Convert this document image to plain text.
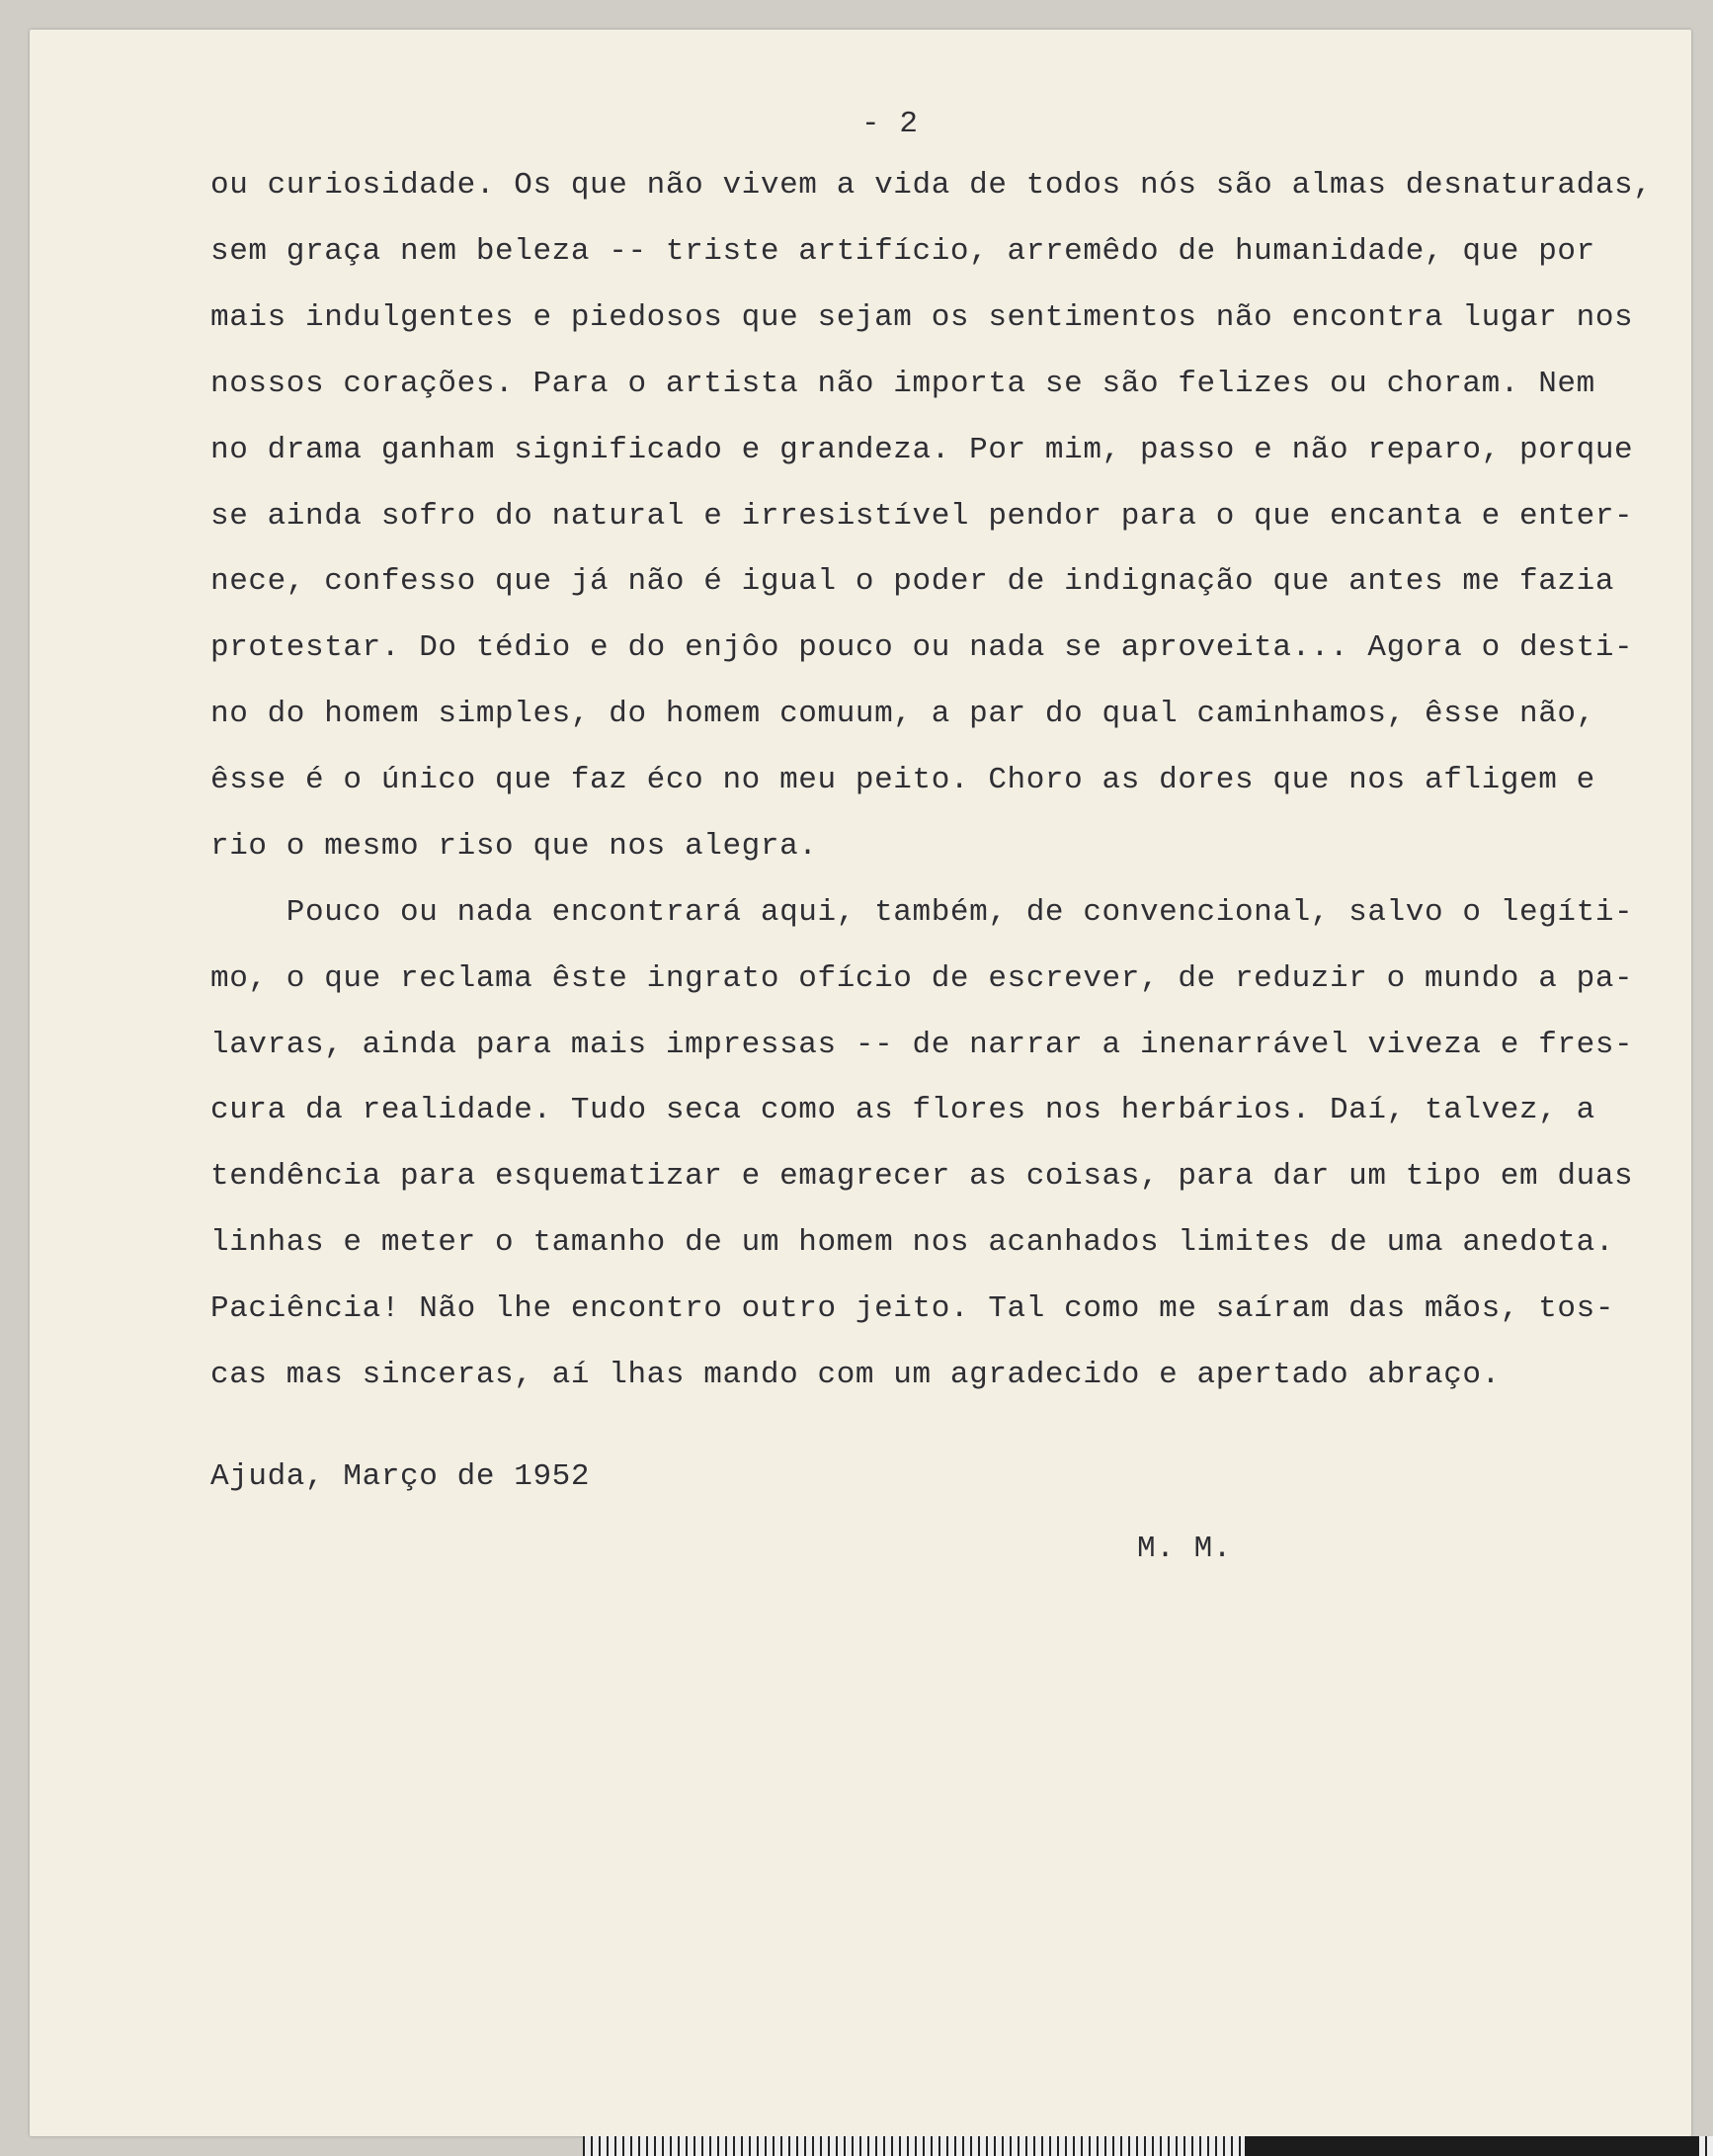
- 2

ou curiosidade. Os que não vivem a vida de todos nós são almas desnaturadas,

sem graça nem beleza -- triste artifício, arremêdo de humanidade, que por

mais indulgentes e piedosos que sejam os sentimentos não encontra lugar nos

nossos corações. Para o artista não importa se são felizes ou choram. Nem

no drama ganham significado e grandeza. Por mim, passo e não reparo, porque

se ainda sofro do natural e irresistível pendor para o que encanta e enter-

nece, confesso que já não é igual o poder de indignação que antes me fazia

protestar. Do tédio e do enjôo pouco ou nada se aproveita... Agora o desti-

no do homem simples, do homem comuum, a par do qual caminhamos, êsse não,

êsse é o único que faz éco no meu peito. Choro as dores que nos afligem e

rio o mesmo riso que nos alegra.

Pouco ou nada encontrará aqui, também, de convencional, salvo o legíti-

mo, o que reclama êste ingrato ofício de escrever, de reduzir o mundo a pa-

lavras, ainda para mais impressas -- de narrar a inenarrável viveza e fres-

cura da realidade. Tudo seca como as flores nos herbários. Daí, talvez, a

tendência para esquematizar e emagrecer as coisas, para dar um tipo em duas

linhas e meter o tamanho de um homem nos acanhados limites de uma anedota.

Paciência! Não lhe encontro outro jeito. Tal como me saíram das mãos, tos-

cas mas sinceras, aí lhas mando com um agradecido e apertado abraço.

Ajuda, Março de 1952

M. M.
